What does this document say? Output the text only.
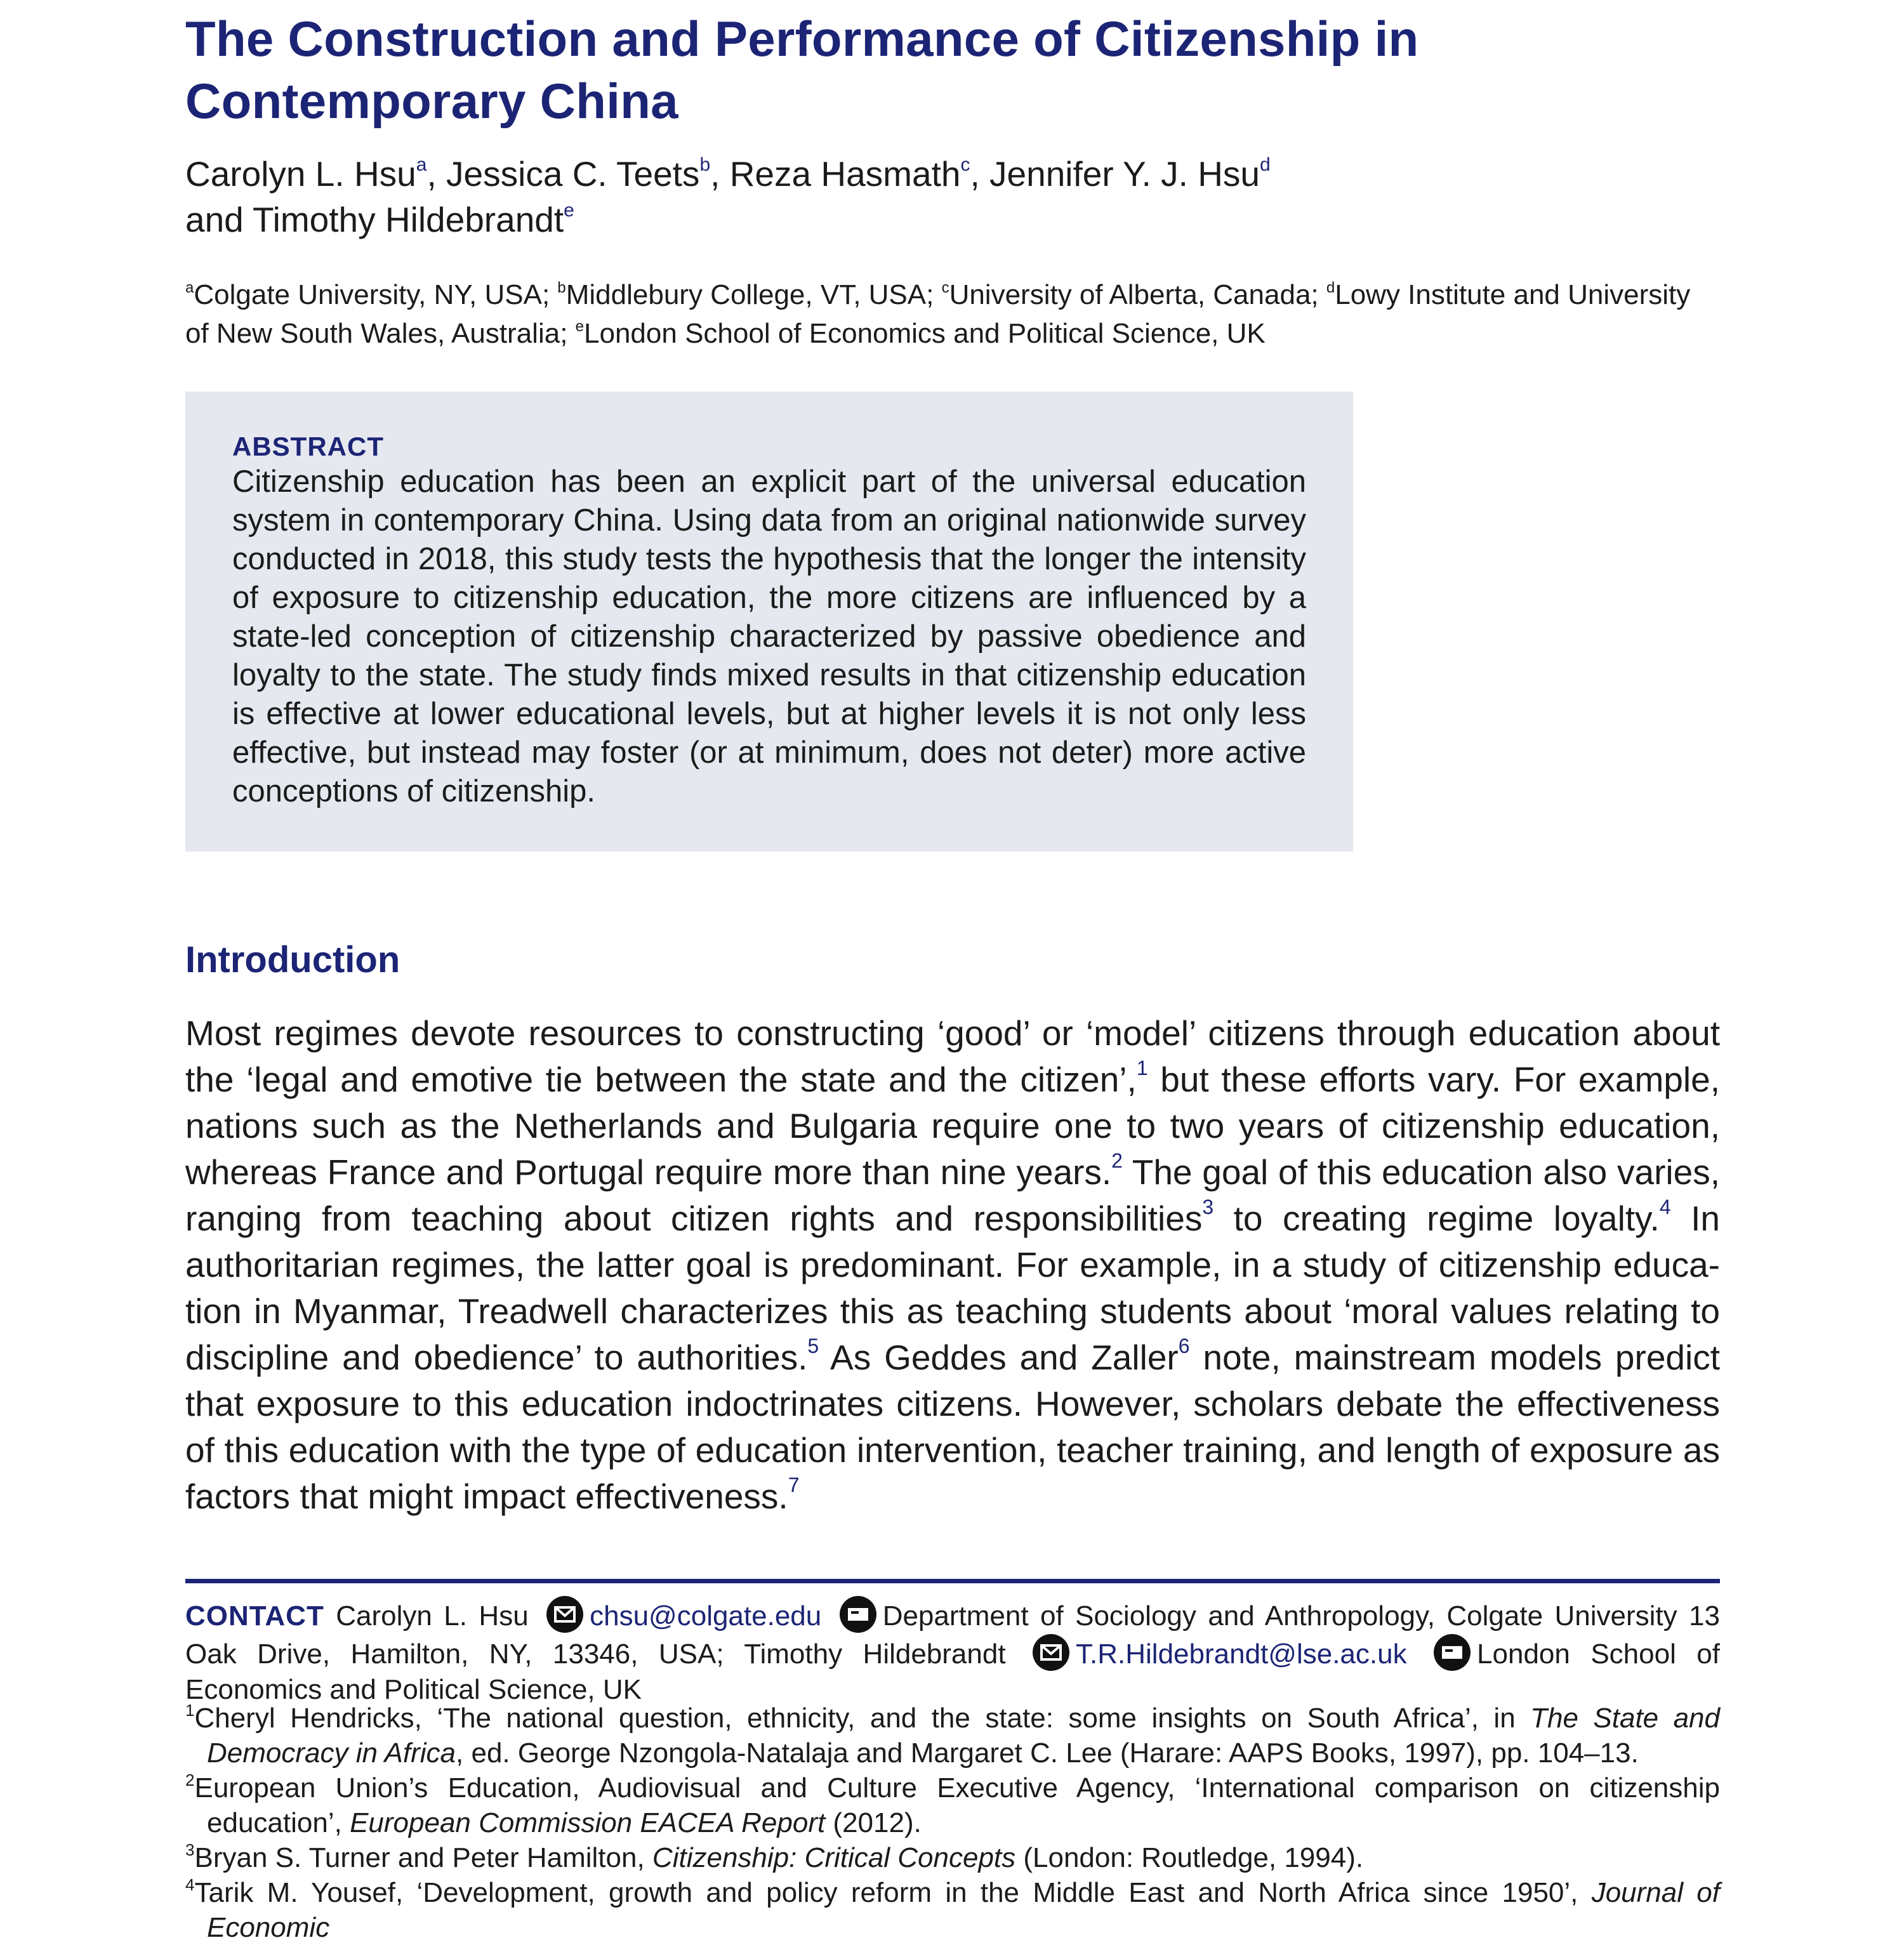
The Construction and Performance of Citizenship in Contemporary China
Carolyn L. Hsu$^a$, Jessica C. Teets$^b$, Reza Hasmath$^c$, Jennifer Y. J. Hsu$^d$
and Timothy Hildebrandt$^e$
$^a$Colgate University, NY, USA; $^b$Middlebury College, VT, USA; $^c$University of Alberta, Canada; $^d$Lowy Institute and University of New South Wales, Australia; $^e$London School of Economics and Political Science, UK
ABSTRACT

Citizenship education has been an explicit part of the universal education system in contemporary China. Using data from an original nationwide survey conducted in 2018, this study tests the hypothesis that the longer the intensity of exposure to citizenship education, the more citizens are influenced by a state-led conception of citizenship characterized by passive obedience and loyalty to the state. The study finds mixed results in that citizenship education is effective at lower educational levels, but at higher levels it is not only less effective, but instead may foster (or at minimum, does not deter) more active conceptions of citizenship.

Introduction

Most regimes devote resources to constructing ‘good’ or ‘model’ citizens through education about the ‘legal and emotive tie between the state and the citizen’,$^1$ but these efforts vary. For example, nations such as the Netherlands and Bulgaria require one to two years of citizenship education, whereas France and Portugal require more than nine years.$^2$ The goal of this education also varies, ranging from teaching about citizen rights and responsibilities$^3$ to creating regime loyalty.$^4$ In authoritarian regimes, the latter goal is predominant. For example, in a study of citizenship education in Myanmar, Treadwell characterizes this as teaching students about ‘moral values relating to discipline and obedience’ to authorities.$^5$ As Geddes and Zaller$^6$ note, mainstream models predict that exposure to this education indoctrinates citizens. However, scholars debate the effectiveness of this education with the type of education intervention, teacher training, and length of exposure as factors that might impact effectiveness.$^7$

CONTACT Carolyn L. Hsu chsu@colgate.edu Department of Sociology and Anthropology, Colgate University 13 Oak Drive, Hamilton, NY, 13346, USA; Timothy Hildebrandt	T.R.Hildebrandt@lse.ac.uk	London School of Economics and Political Science, UK

$^1$Cheryl Hendricks, ‘The national question, ethnicity, and the state: some insights on South Africa’, in The State and Democracy in Africa, ed. George Nzongola-Natalaja and Margaret C. Lee (Harare: AAPS Books, 1997), pp. 104–13.

$^2$European Union’s Education, Audiovisual and Culture Executive Agency, ‘International comparison on citizenship education’, European Commission EACEA Report (2012).

$^3$Bryan S. Turner and Peter Hamilton, Citizenship: Critical Concepts (London: Routledge, 1994).

$^4$Tarik M. Yousef, ‘Development, growth and policy reform in the Middle East and North Africa since 1950’, Journal of Economic
